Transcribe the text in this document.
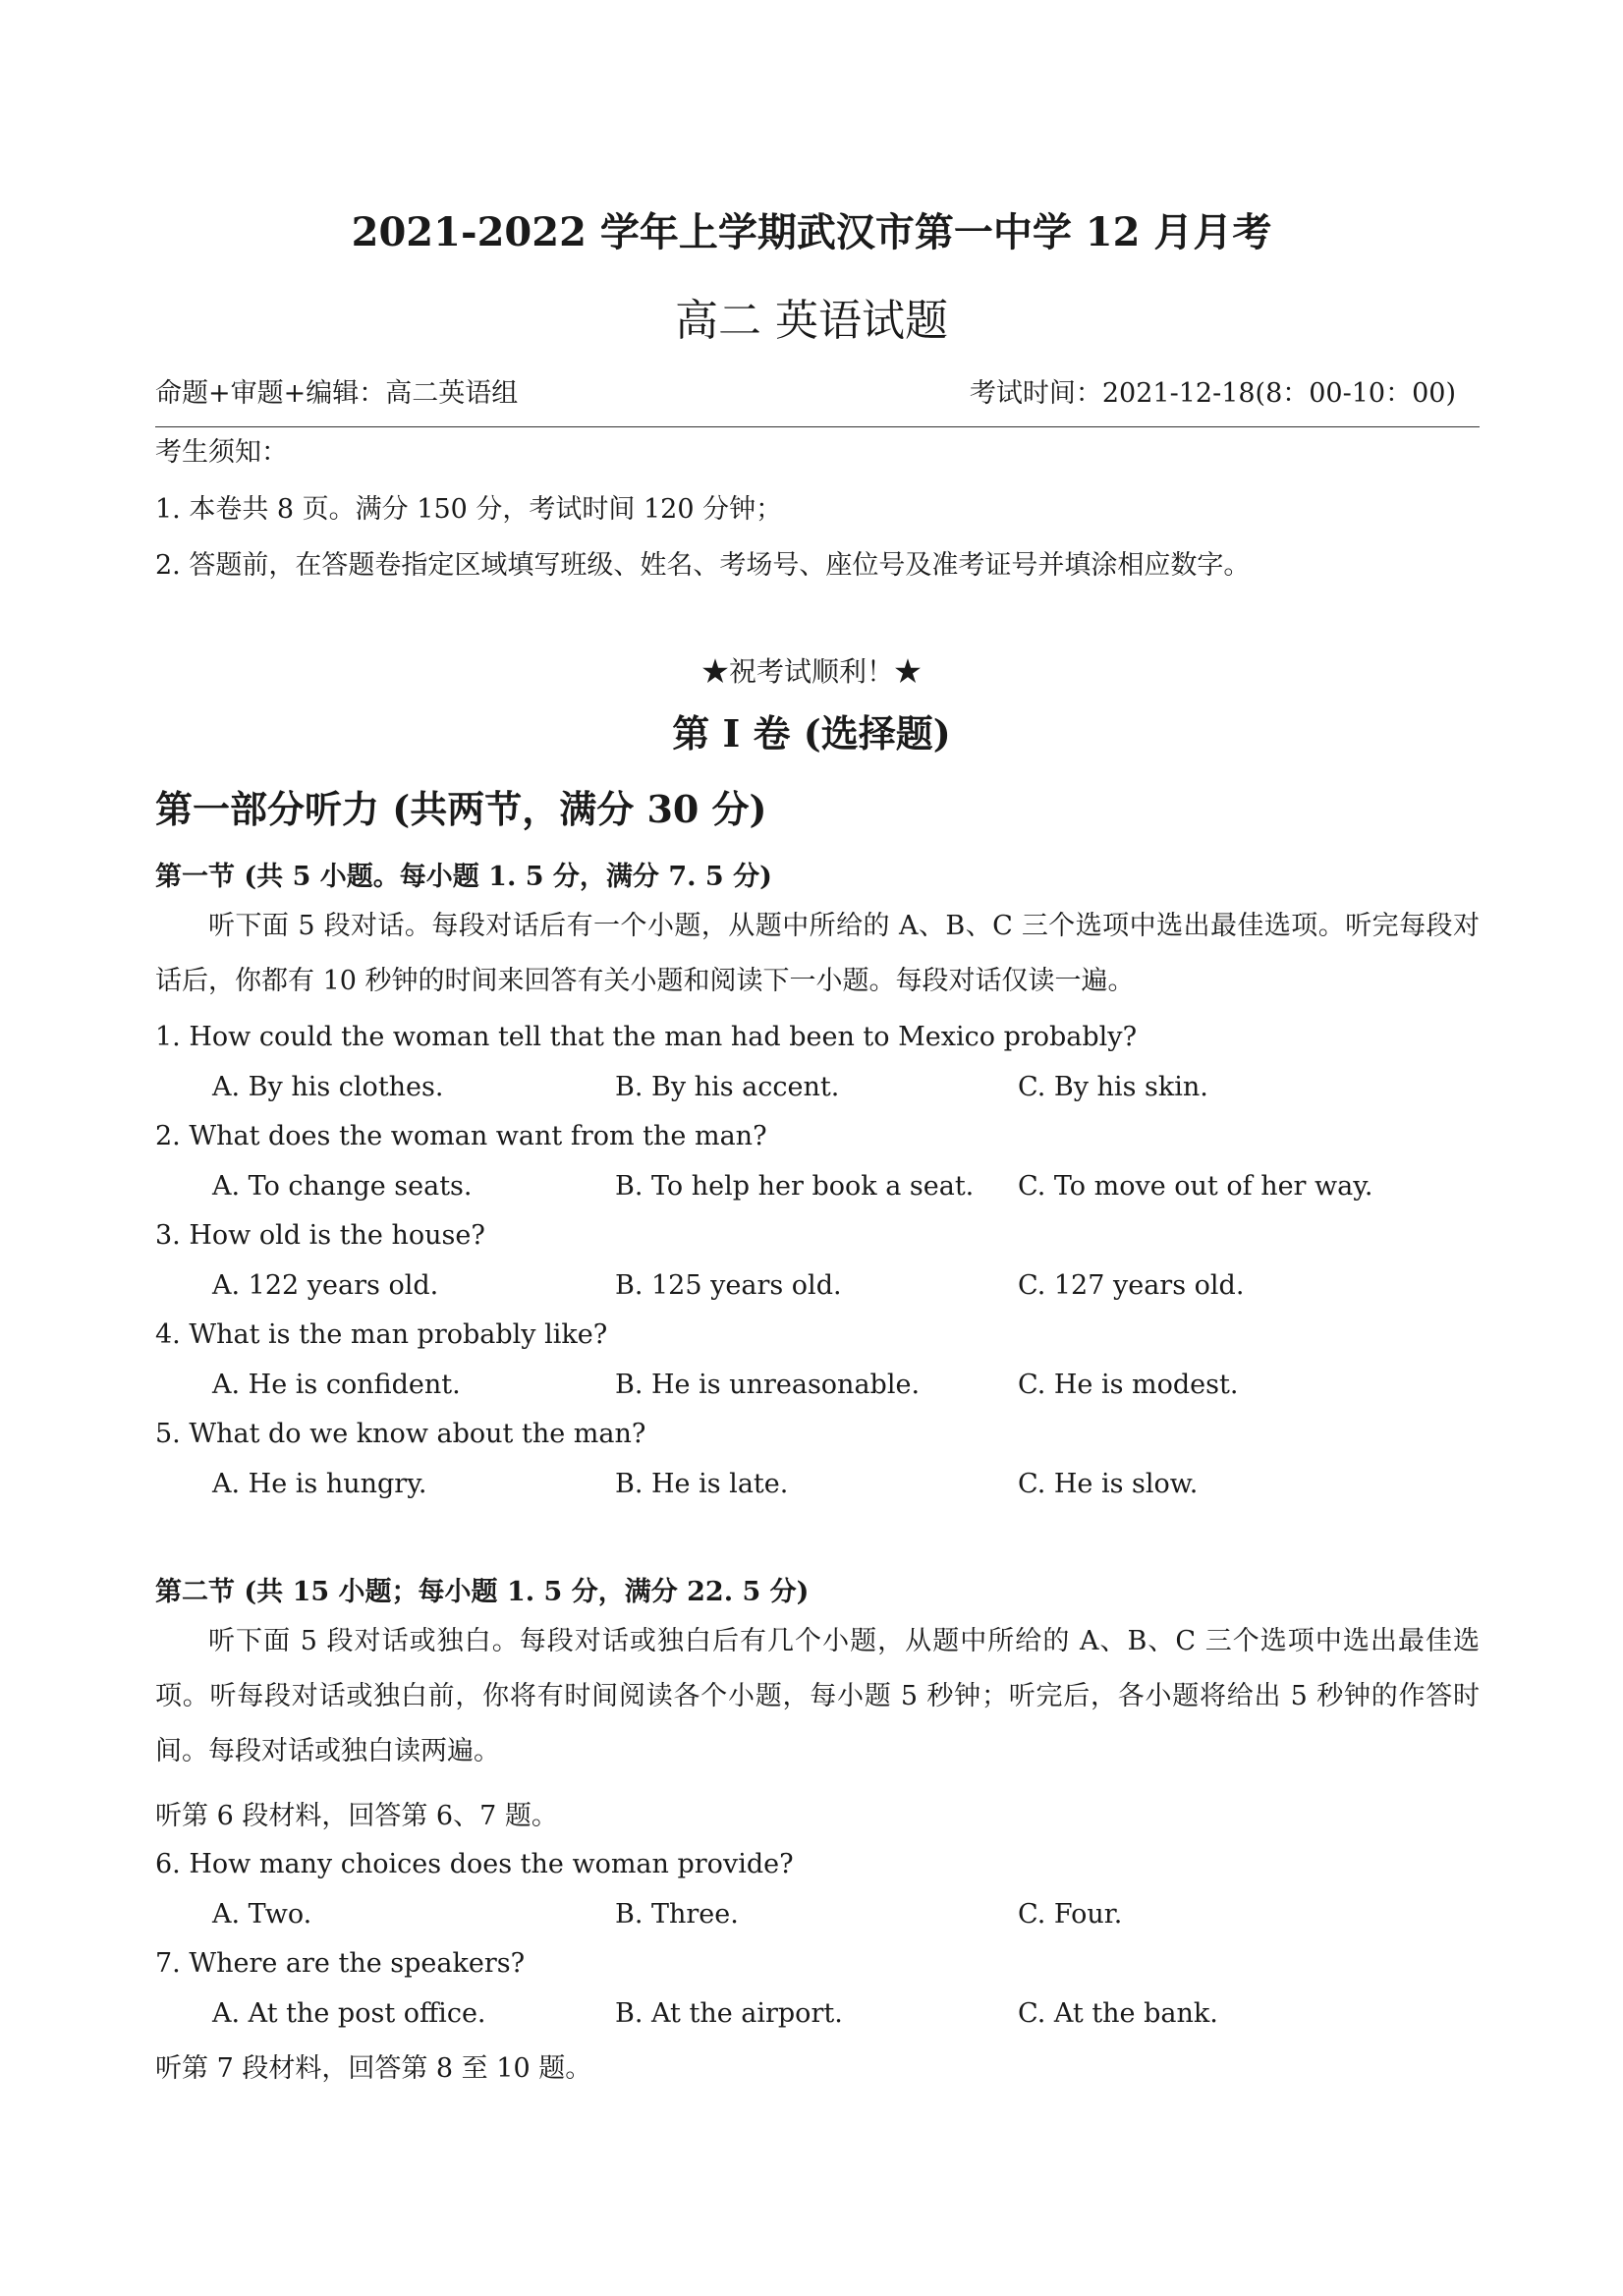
2021-2022 学年上学期武汉市第一中学 12 月月考
高二 英语试题
命题+审题+编辑：高二英语组	考试时间：2021-12-18(8：00-10：00)
考生须知：
1. 本卷共 8 页。满分 150 分，考试时间 120 分钟；
2. 答题前，在答题卷指定区域填写班级、姓名、考场号、座位号及准考证号并填涂相应数字。
★祝考试顺利！★
第 I 卷 (选择题)
第一部分听力 (共两节，满分 30 分)
第一节 (共 5 小题。每小题 1. 5 分，满分 7. 5 分)
听下面 5 段对话。每段对话后有一个小题，从题中所给的 A、B、C 三个选项中选出最佳选项。听完每段对话后，你都有 10 秒钟的时间来回答有关小题和阅读下一小题。每段对话仅读一遍。
1. How could the woman tell that the man had been to Mexico probably?
A. By his clothes.	B. By his accent.	C. By his skin.
2. What does the woman want from the man?
A. To change seats.	B. To help her book a seat. C. To move out of her way.
3. How old is the house?
A. 122 years old.	B. 125 years old.	C. 127 years old.
4. What is the man probably like?
A. He is confident.	B. He is unreasonable.	C. He is modest.
5. What do we know about the man?
A. He is hungry.	B. He is late.	C. He is slow.
第二节 (共 15 小题；每小题 1. 5 分，满分 22. 5 分)
听下面 5 段对话或独白。每段对话或独白后有几个小题，从题中所给的 A、B、C 三个选项中选出最佳选项。听每段对话或独白前，你将有时间阅读各个小题，每小题 5 秒钟；听完后，各小题将给出 5 秒钟的作答时间。每段对话或独白读两遍。
听第 6 段材料，回答第 6、7 题。
6. How many choices does the woman provide?
A. Two.	B. Three.	C. Four.
7. Where are the speakers?
A. At the post office.	B. At the airport.	C. At the bank.
听第 7 段材料，回答第 8 至 10 题。
